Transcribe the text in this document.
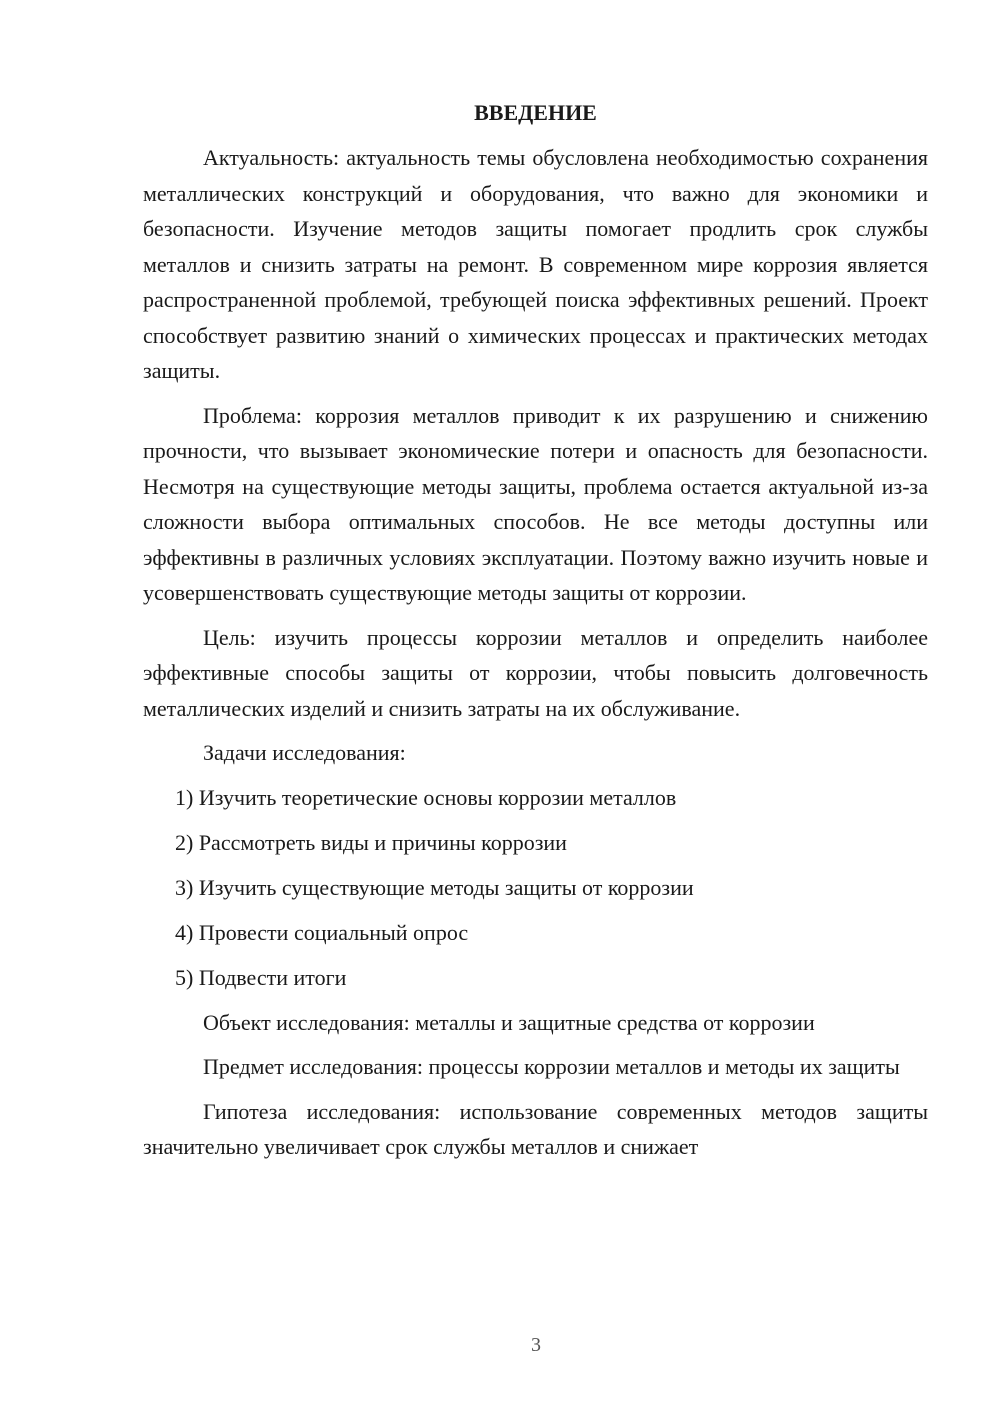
ВВЕДЕНИЕ

Актуальность: актуальность темы обусловлена необходимостью сохранения металлических конструкций и оборудования, что важно для экономики и безопасности. Изучение методов защиты помогает продлить срок службы металлов и снизить затраты на ремонт. В современном мире коррозия является распространенной проблемой, требующей поиска эффективных решений. Проект способствует развитию знаний о химических процессах и практических методах защиты.

Проблема: коррозия металлов приводит к их разрушению и снижению прочности, что вызывает экономические потери и опасность для безопасности. Несмотря на существующие методы защиты, проблема остается актуальной из-за сложности выбора оптимальных способов. Не все методы доступны или эффективны в различных условиях эксплуатации. Поэтому важно изучить новые и усовершенствовать существующие методы защиты от коррозии.

Цель: изучить процессы коррозии металлов и определить наиболее эффективные способы защиты от коррозии, чтобы повысить долговечность металлических изделий и снизить затраты на их обслуживание.

Задачи исследования:

1) Изучить теоретические основы коррозии металлов
2) Рассмотреть виды и причины коррозии
3) Изучить существующие методы защиты от коррозии
4) Провести социальный опрос
5) Подвести итоги

Объект исследования: металлы и защитные средства от коррозии

Предмет исследования: процессы коррозии металлов и методы их защиты

Гипотеза исследования: использование современных методов защиты значительно увеличивает срок службы металлов и снижает

3
